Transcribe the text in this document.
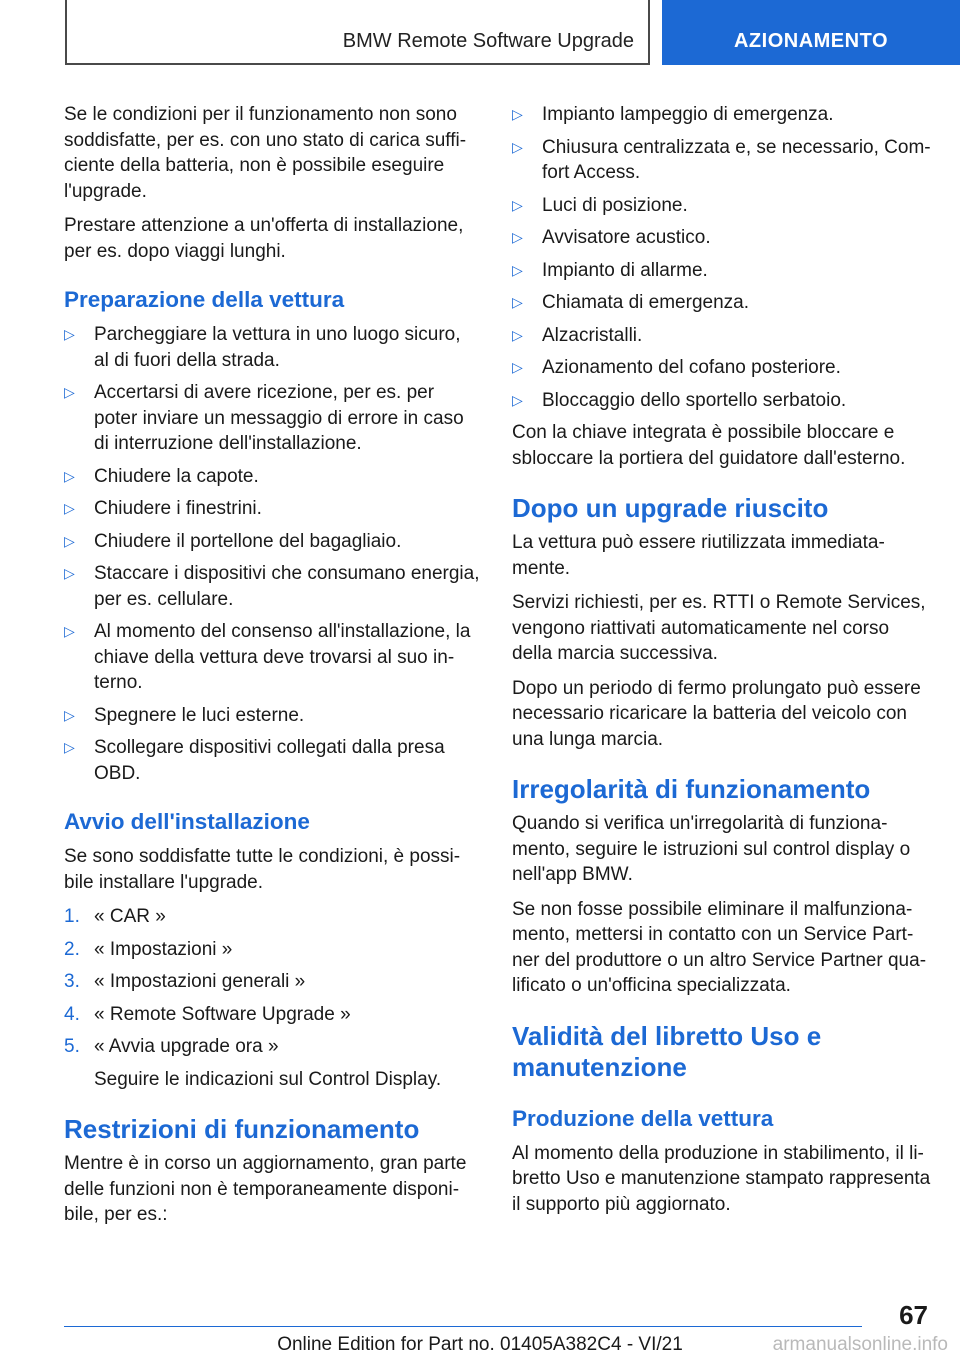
BMW Remote Software Upgrade	AZIONAMENTO

Se le condizioni per il funzionamento non sono soddisfatte, per es. con uno stato di carica sufficiente della batteria, non è possibile eseguire l'upgrade.

Prestare attenzione a un'offerta di installazione, per es. dopo viaggi lunghi.

Preparazione della vettura
▷ Parcheggiare la vettura in uno luogo sicuro, al di fuori della strada.
▷ Accertarsi di avere ricezione, per es. per poter inviare un messaggio di errore in caso di interruzione dell'installazione.
▷ Chiudere la capote.
▷ Chiudere i finestrini.
▷ Chiudere il portellone del bagagliaio.
▷ Staccare i dispositivi che consumano energia, per es. cellulare.
▷ Al momento del consenso all'installazione, la chiave della vettura deve trovarsi al suo interno.
▷ Spegnere le luci esterne.
▷ Scollegare dispositivi collegati dalla presa OBD.
Avvio dell'installazione

Se sono soddisfatte tutte le condizioni, è possibile installare l'upgrade.

1. « CAR »
2. « Impostazioni »
3. « Impostazioni generali »
4. « Remote Software Upgrade »
5. « Avvia upgrade ora »
Seguire le indicazioni sul Control Display.
Restrizioni di funzionamento

Mentre è in corso un aggiornamento, gran parte delle funzioni non è temporaneamente disponibile, per es.:

▷ Impianto lampeggio di emergenza.
▷ Chiusura centralizzata e, se necessario, Comfort Access.
▷ Luci di posizione.
▷ Avvisatore acustico.
▷ Impianto di allarme.
▷ Chiamata di emergenza.
▷ Alzacristalli.
▷ Azionamento del cofano posteriore.
▷ Bloccaggio dello sportello serbatoio.

Con la chiave integrata è possibile bloccare e sbloccare la portiera del guidatore dall'esterno.

Dopo un upgrade riuscito

La vettura può essere riutilizzata immediatamente.

Servizi richiesti, per es. RTTI o Remote Services, vengono riattivati automaticamente nel corso della marcia successiva.

Dopo un periodo di fermo prolungato può essere necessario ricaricare la batteria del veicolo con una lunga marcia.

Irregolarità di funzionamento

Quando si verifica un'irregolarità di funzionamento, seguire le istruzioni sul control display o nell'app BMW.

Se non fosse possibile eliminare il malfunzionamento, mettersi in contatto con un Service Partner del produttore o un altro Service Partner qualificato o un'officina specializzata.

Validità del libretto Uso e manutenzione
Produzione della vettura

Al momento della produzione in stabilimento, il libretto Uso e manutenzione stampato rappresenta il supporto più aggiornato.

67
Online Edition for Part no. 01405A382C4 - VI/21	armanualsonline.info
